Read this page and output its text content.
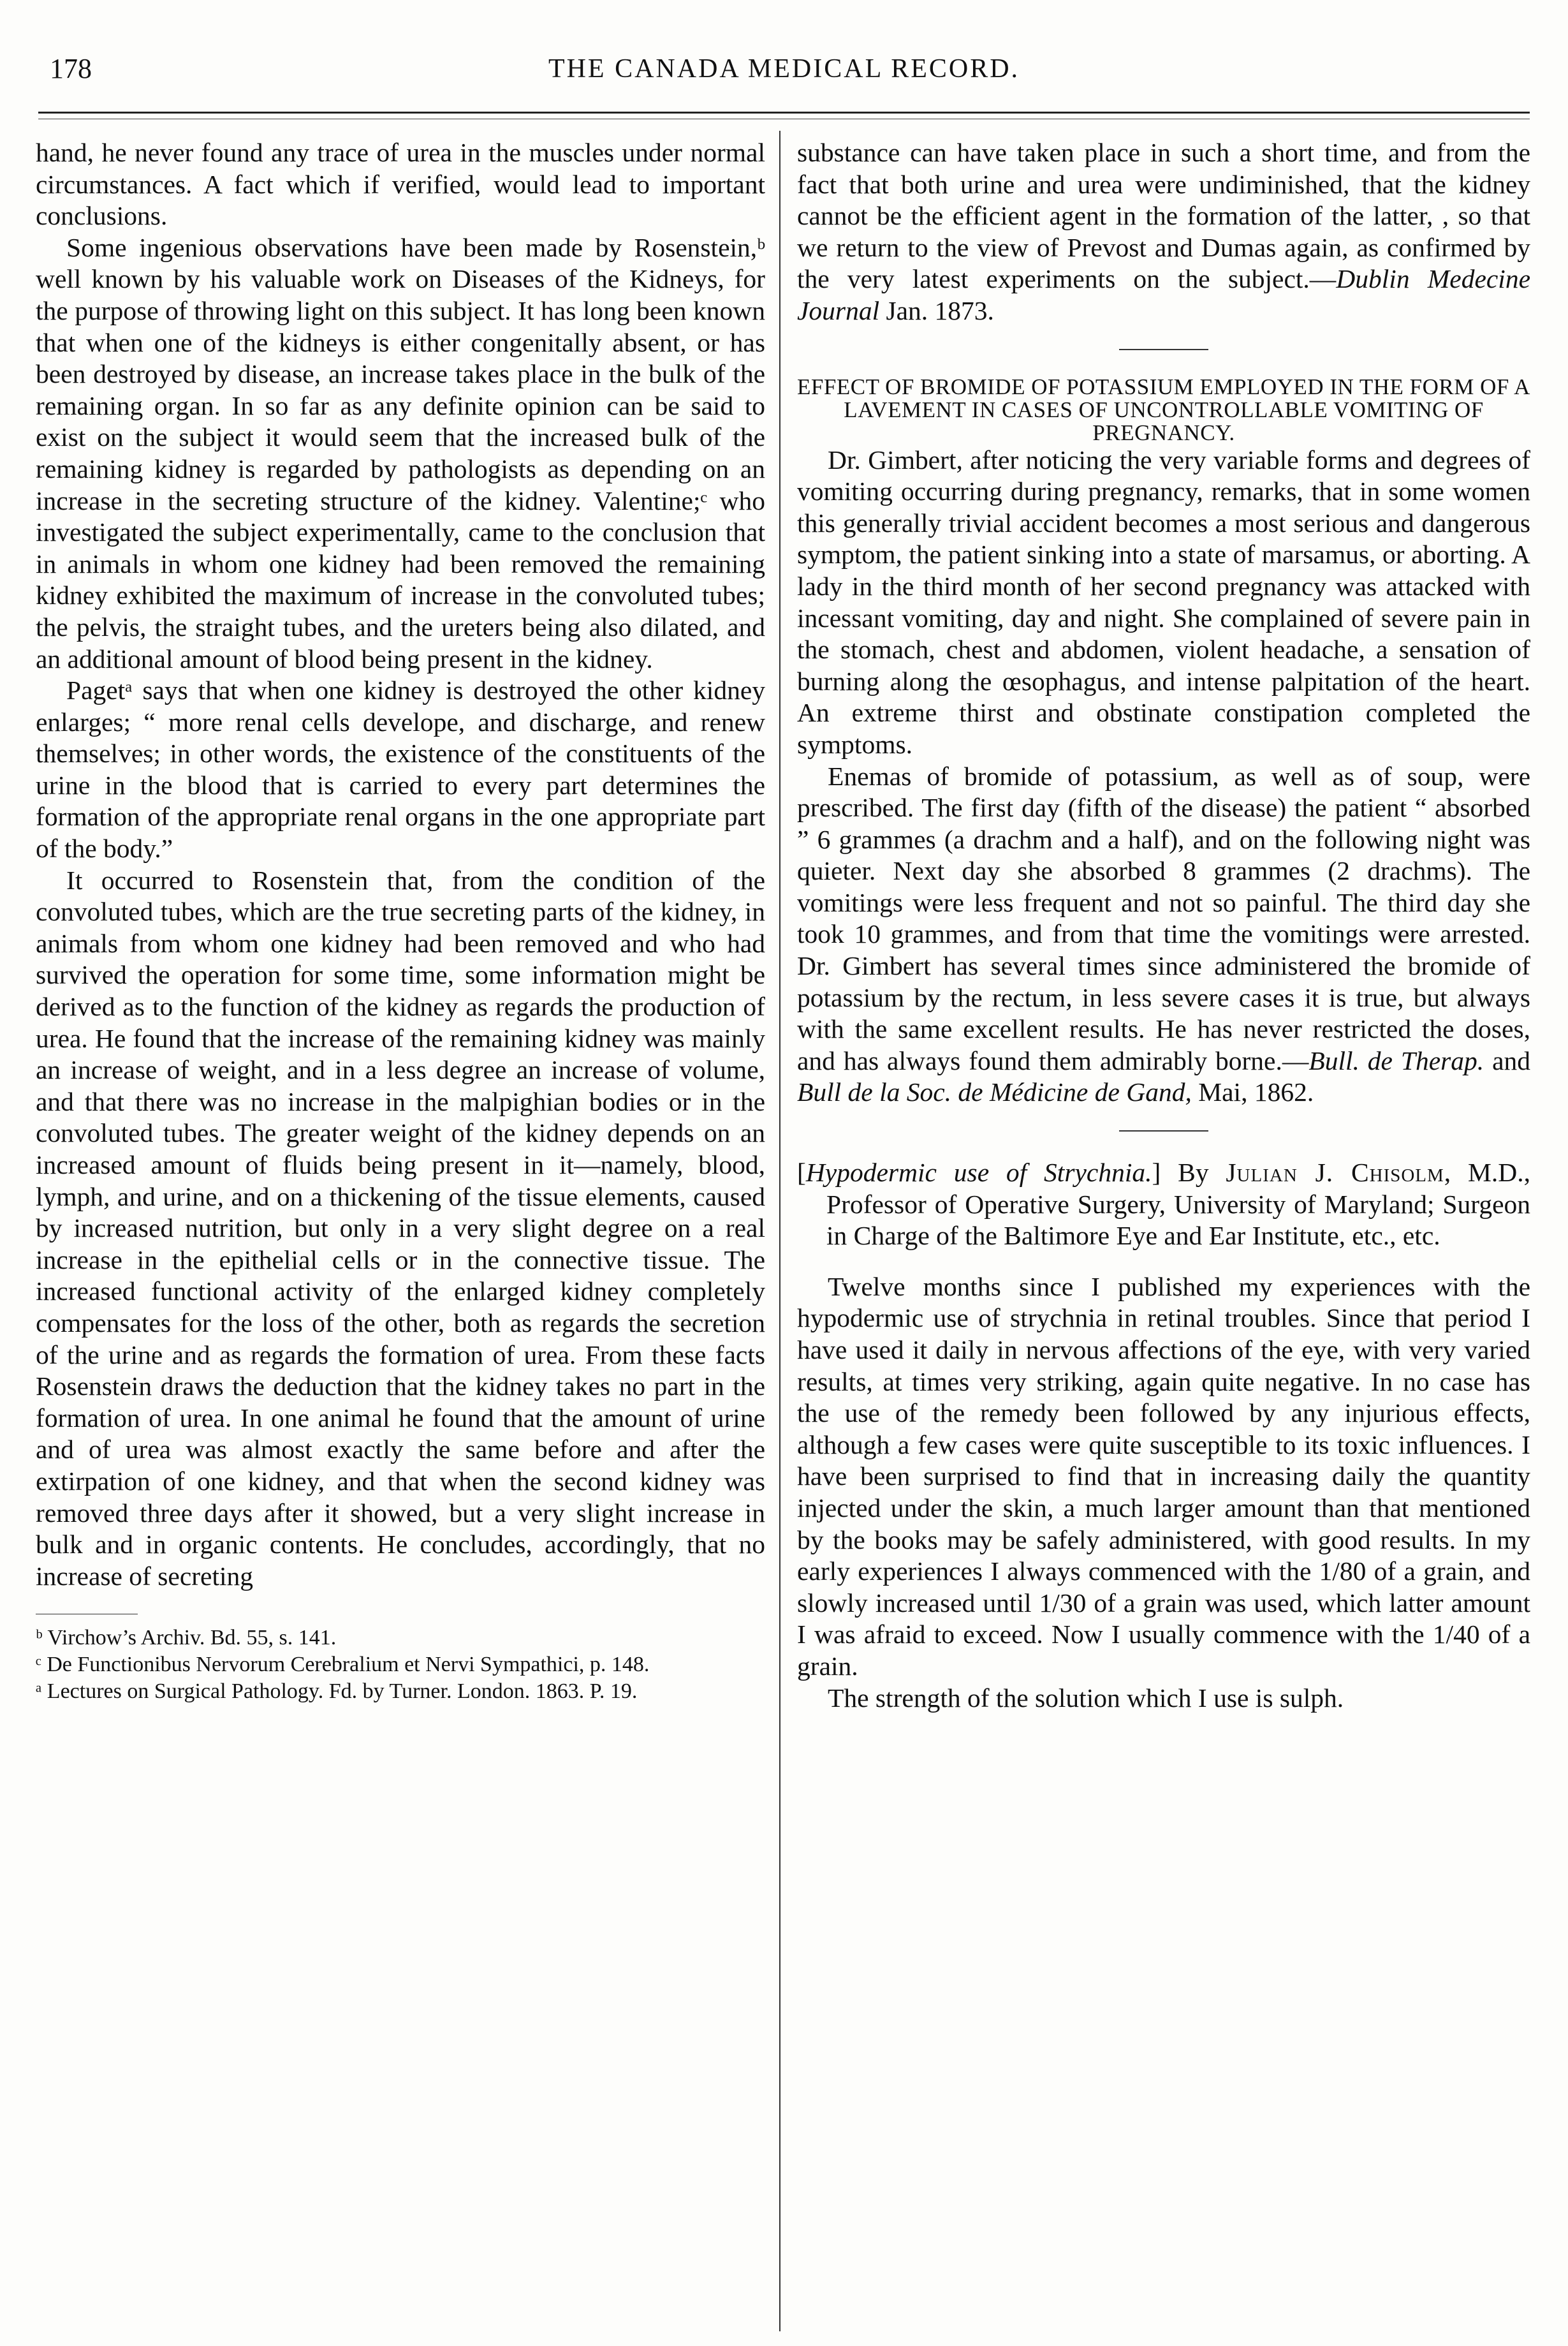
178	THE CANADA MEDICAL RECORD.

hand, he never found any trace of urea in the muscles under normal circumstances. A fact which if verified, would lead to important conclusions.

Some ingenious observations have been made by Rosenstein,ᵇ well known by his valuable work on Diseases of the Kidneys, for the purpose of throwing light on this subject. It has long been known that when one of the kidneys is either congenitally absent, or has been destroyed by disease, an increase takes place in the bulk of the remaining organ. In so far as any definite opinion can be said to exist on the subject it would seem that the increased bulk of the remaining kidney is regarded by pathologists as depending on an increase in the secreting structure of the kidney. Valentine;ᶜ who investigated the subject experimentally, came to the conclusion that in animals in whom one kidney had been removed the remaining kidney exhibited the maximum of increase in the convoluted tubes; the pelvis, the straight tubes, and the ureters being also dilated, and an additional amount of blood being present in the kidney.

Pagetᵃ says that when one kidney is destroyed the other kidney enlarges; “ more renal cells develope, and discharge, and renew themselves; in other words, the existence of the constituents of the urine in the blood that is carried to every part determines the formation of the appropriate renal organs in the one appropriate part of the body.”

It occurred to Rosenstein that, from the condition of the convoluted tubes, which are the true secreting parts of the kidney, in animals from whom one kidney had been removed and who had survived the operation for some time, some information might be derived as to the function of the kidney as regards the production of urea. He found that the increase of the remaining kidney was mainly an increase of weight, and in a less degree an increase of volume, and that there was no increase in the malpighian bodies or in the convoluted tubes. The greater weight of the kidney depends on an increased amount of fluids being present in it—namely, blood, lymph, and urine, and on a thickening of the tissue elements, caused by increased nutrition, but only in a very slight degree on a real increase in the epithelial cells or in the connective tissue. The increased functional activity of the enlarged kidney completely compensates for the loss of the other, both as regards the secretion of the urine and as regards the formation of urea. From these facts Rosenstein draws the deduction that the kidney takes no part in the formation of urea. In one animal he found that the amount of urine and of urea was almost exactly the same before and after the extirpation of one kidney, and that when the second kidney was removed three days after it showed, but a very slight increase in bulk and in organic contents. He concludes, accordingly, that no increase of secreting

ᵇ Virchow’s Archiv. Bd. 55, s. 141.

ᶜ De Functionibus Nervorum Cerebralium et Nervi Sympathici, p. 148.

ᵃ Lectures on Surgical Pathology. Fd. by Turner. London. 1863. P. 19.

substance can have taken place in such a short time, and from the fact that both urine and urea were undiminished, that the kidney cannot be the efficient agent in the formation of the latter, , so that we return to the view of Prevost and Dumas again, as confirmed by the very latest experiments on the subject.—Dublin Medecine Journal Jan. 1873.

EFFECT OF BROMIDE OF POTASSIUM EMPLOYED IN THE FORM OF A LAVEMENT IN CASES OF UNCONTROLLABLE VOMITING OF PREGNANCY.

Dr. Gimbert, after noticing the very variable forms and degrees of vomiting occurring during pregnancy, remarks, that in some women this generally trivial accident becomes a most serious and dangerous symptom, the patient sinking into a state of marsamus, or aborting. A lady in the third month of her second pregnancy was attacked with incessant vomiting, day and night. She complained of severe pain in the stomach, chest and abdomen, violent headache, a sensation of burning along the œsophagus, and intense palpitation of the heart. An extreme thirst and obstinate constipation completed the symptoms.

Enemas of bromide of potassium, as well as of soup, were prescribed. The first day (fifth of the disease) the patient “ absorbed ” 6 grammes (a drachm and a half), and on the following night was quieter. Next day she absorbed 8 grammes (2 drachms). The vomitings were less frequent and not so painful. The third day she took 10 grammes, and from that time the vomitings were arrested. Dr. Gimbert has several times since administered the bromide of potassium by the rectum, in less severe cases it is true, but always with the same excellent results. He has never restricted the doses, and has always found them admirably borne.—Bull. de Therap. and Bull de la Soc. de Médicine de Gand, Mai, 1862.

[Hypodermic use of Strychnia.] By Julian J. Chisolm, M.D., Professor of Operative Surgery, University of Maryland; Surgeon in Charge of the Baltimore Eye and Ear Institute, etc., etc.

Twelve months since I published my experiences with the hypodermic use of strychnia in retinal troubles. Since that period I have used it daily in nervous affections of the eye, with very varied results, at times very striking, again quite negative. In no case has the use of the remedy been followed by any injurious effects, although a few cases were quite susceptible to its toxic influences. I have been surprised to find that in increasing daily the quantity injected under the skin, a much larger amount than that mentioned by the books may be safely administered, with good results. In my early experiences I always commenced with the 1/80 of a grain, and slowly increased until 1/30 of a grain was used, which latter amount I was afraid to exceed. Now I usually commence with the 1/40 of a grain.

The strength of the solution which I use is sulph.
